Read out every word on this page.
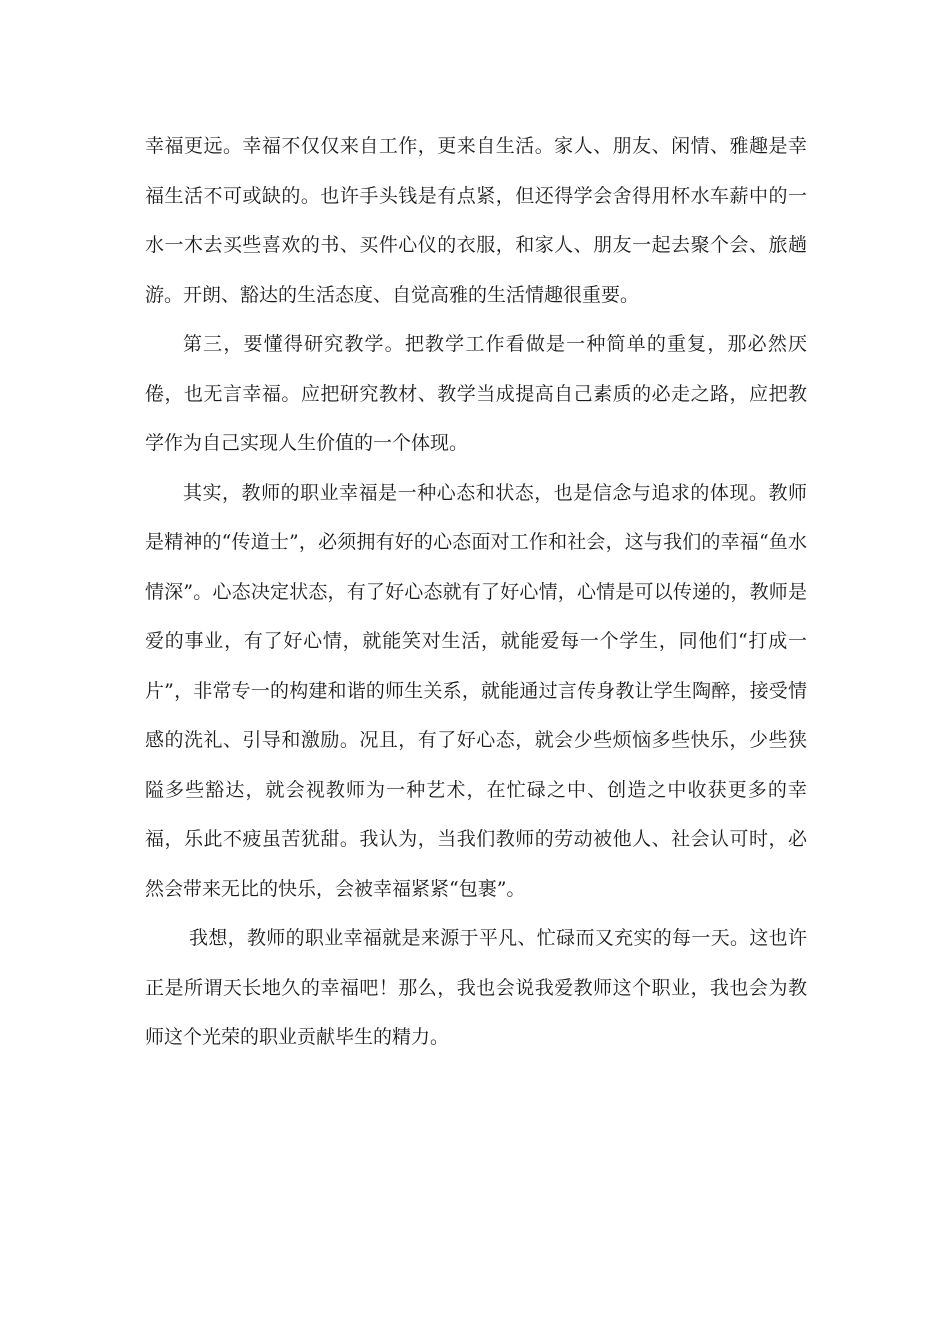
幸福更远。幸福不仅仅来自工作，更来自生活。家人、朋友、闲情、雅趣是幸福生活不可或缺的。也许手头钱是有点紧，但还得学会舍得用杯水车薪中的一水一木去买些喜欢的书、买件心仪的衣服，和家人、朋友一起去聚个会、旅趟游。开朗、豁达的生活态度、自觉高雅的生活情趣很重要。

第三，要懂得研究教学。把教学工作看做是一种简单的重复，那必然厌倦，也无言幸福。应把研究教材、教学当成提高自己素质的必走之路，应把教学作为自己实现人生价值的一个体现。

其实，教师的职业幸福是一种心态和状态，也是信念与追求的体现。教师是精神的“传道士”，必须拥有好的心态面对工作和社会，这与我们的幸福“鱼水情深”。心态决定状态，有了好心态就有了好心情，心情是可以传递的，教师是爱的事业，有了好心情，就能笑对生活，就能爱每一个学生，同他们“打成一片”，非常专一的构建和谐的师生关系，就能通过言传身教让学生陶醉，接受情感的洗礼、引导和激励。况且，有了好心态，就会少些烦恼多些快乐，少些狭隘多些豁达，就会视教师为一种艺术，在忙碌之中、创造之中收获更多的幸福，乐此不疲虽苦犹甜。我认为，当我们教师的劳动被他人、社会认可时，必然会带来无比的快乐，会被幸福紧紧“包裹”。

我想，教师的职业幸福就是来源于平凡、忙碌而又充实的每一天。这也许正是所谓天长地久的幸福吧！那么，我也会说我爱教师这个职业，我也会为教师这个光荣的职业贡献毕生的精力。
